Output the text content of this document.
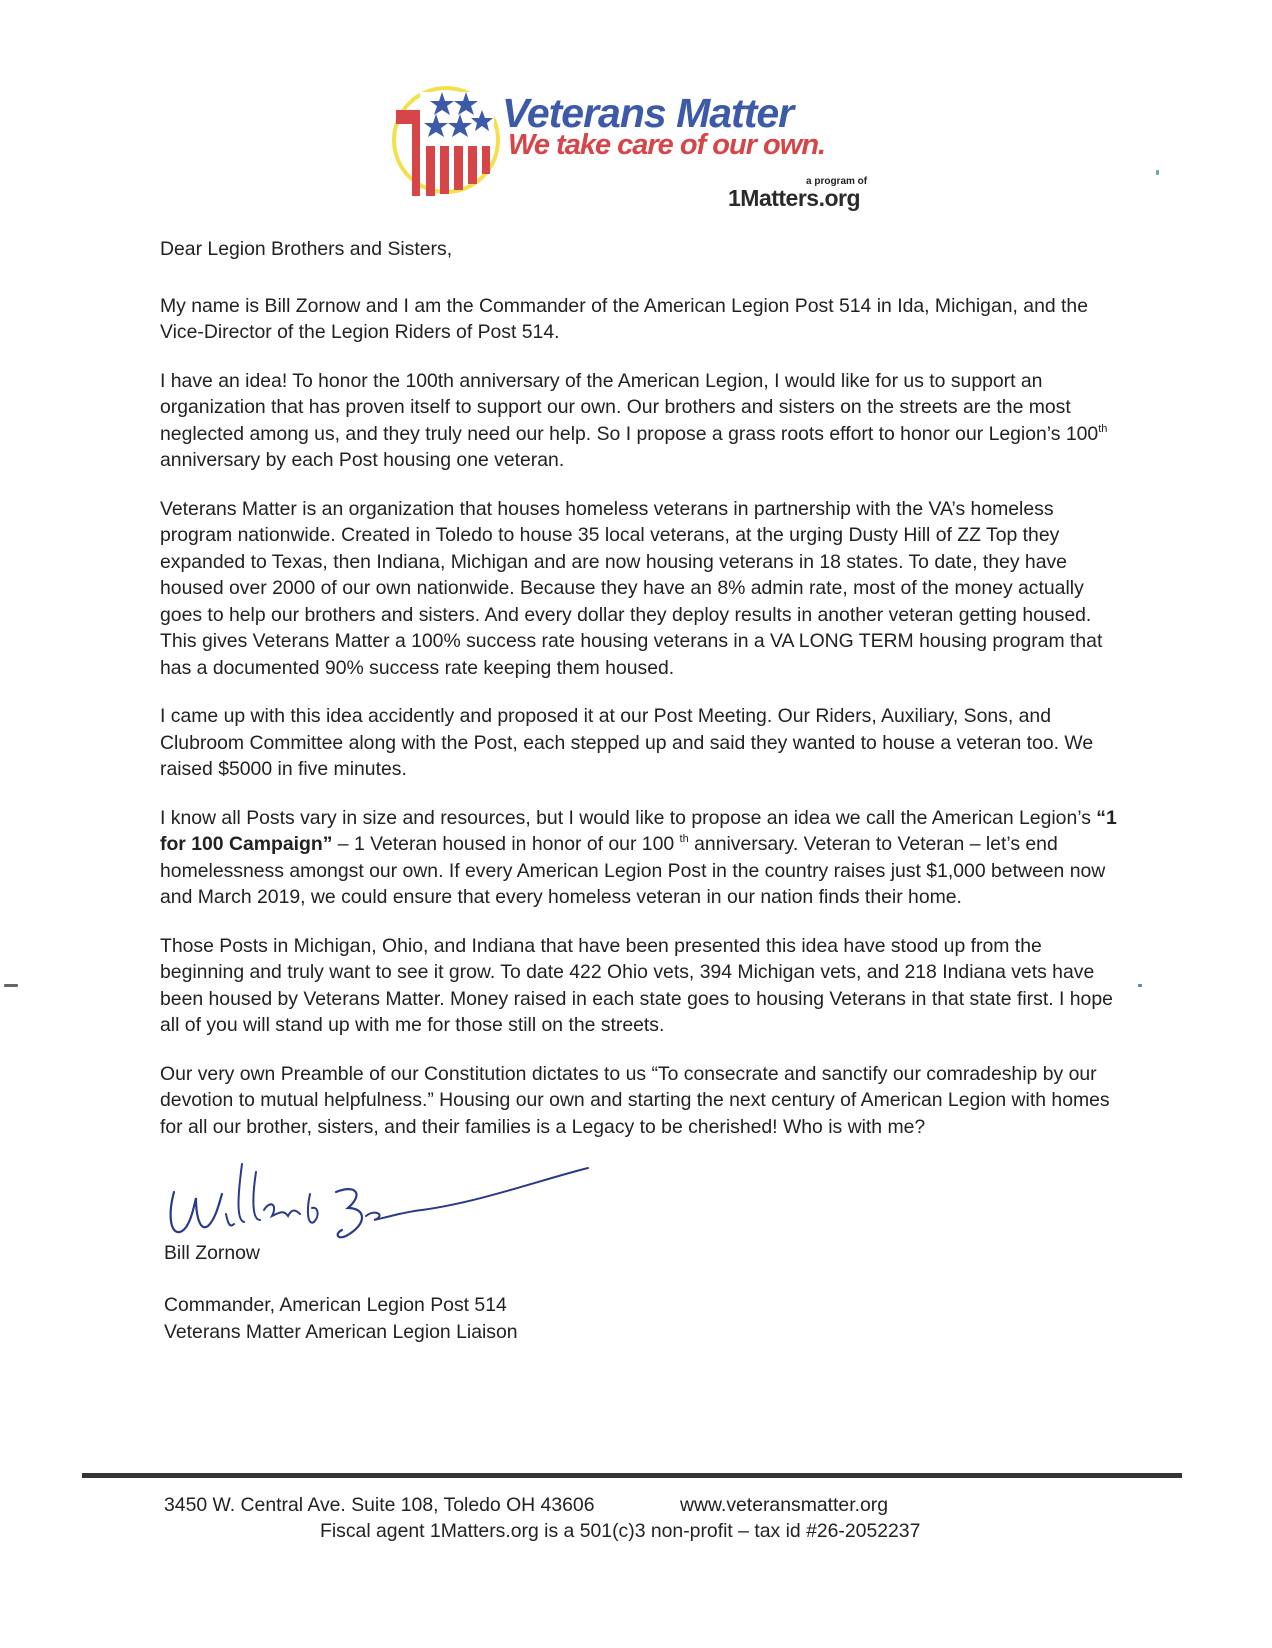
Veterans Matter
We take care of our own.
a program of
1Matters.org

Dear Legion Brothers and Sisters,

My name is Bill Zornow and I am the Commander of the American Legion Post 514 in Ida, Michigan, and the Vice-Director of the Legion Riders of Post 514.

I have an idea! To honor the 100th anniversary of the American Legion, I would like for us to support an organization that has proven itself to support our own. Our brothers and sisters on the streets are the most neglected among us, and they truly need our help. So I propose a grass roots effort to honor our Legion’s 100th anniversary by each Post housing one veteran.

Veterans Matter is an organization that houses homeless veterans in partnership with the VA’s homeless program nationwide. Created in Toledo to house 35 local veterans, at the urging Dusty Hill of ZZ Top they expanded to Texas, then Indiana, Michigan and are now housing veterans in 18 states. To date, they have housed over 2000 of our own nationwide. Because they have an 8% admin rate, most of the money actually goes to help our brothers and sisters. And every dollar they deploy results in another veteran getting housed. This gives Veterans Matter a 100% success rate housing veterans in a VA LONG TERM housing program that has a documented 90% success rate keeping them housed.

I came up with this idea accidently and proposed it at our Post Meeting. Our Riders, Auxiliary, Sons, and Clubroom Committee along with the Post, each stepped up and said they wanted to house a veteran too. We raised $5000 in five minutes.

I know all Posts vary in size and resources, but I would like to propose an idea we call the American Legion’s “1 for 100 Campaign” – 1 Veteran housed in honor of our 100 $^{th}$ anniversary. Veteran to Veteran – let’s end homelessness amongst our own. If every American Legion Post in the country raises just $1,000 between now and March 2019, we could ensure that every homeless veteran in our nation finds their home.

Those Posts in Michigan, Ohio, and Indiana that have been presented this idea have stood up from the beginning and truly want to see it grow. To date 422 Ohio vets, 394 Michigan vets, and 218 Indiana vets have been housed by Veterans Matter. Money raised in each state goes to housing Veterans in that state first. I hope all of you will stand up with me for those still on the streets.

Our very own Preamble of our Constitution dictates to us “To consecrate and sanctify our comradeship by our devotion to mutual helpfulness.” Housing our own and starting the next century of American Legion with homes for all our brother, sisters, and their families is a Legacy to be cherished! Who is with me?

Bill Zornow
Commander, American Legion Post 514
Veterans Matter American Legion Liaison
3450 W. Central Ave. Suite 108, Toledo OH 43606	www.veteransmatter.org
Fiscal agent 1Matters.org is a 501(c)3 non-profit – tax id #26-2052237
